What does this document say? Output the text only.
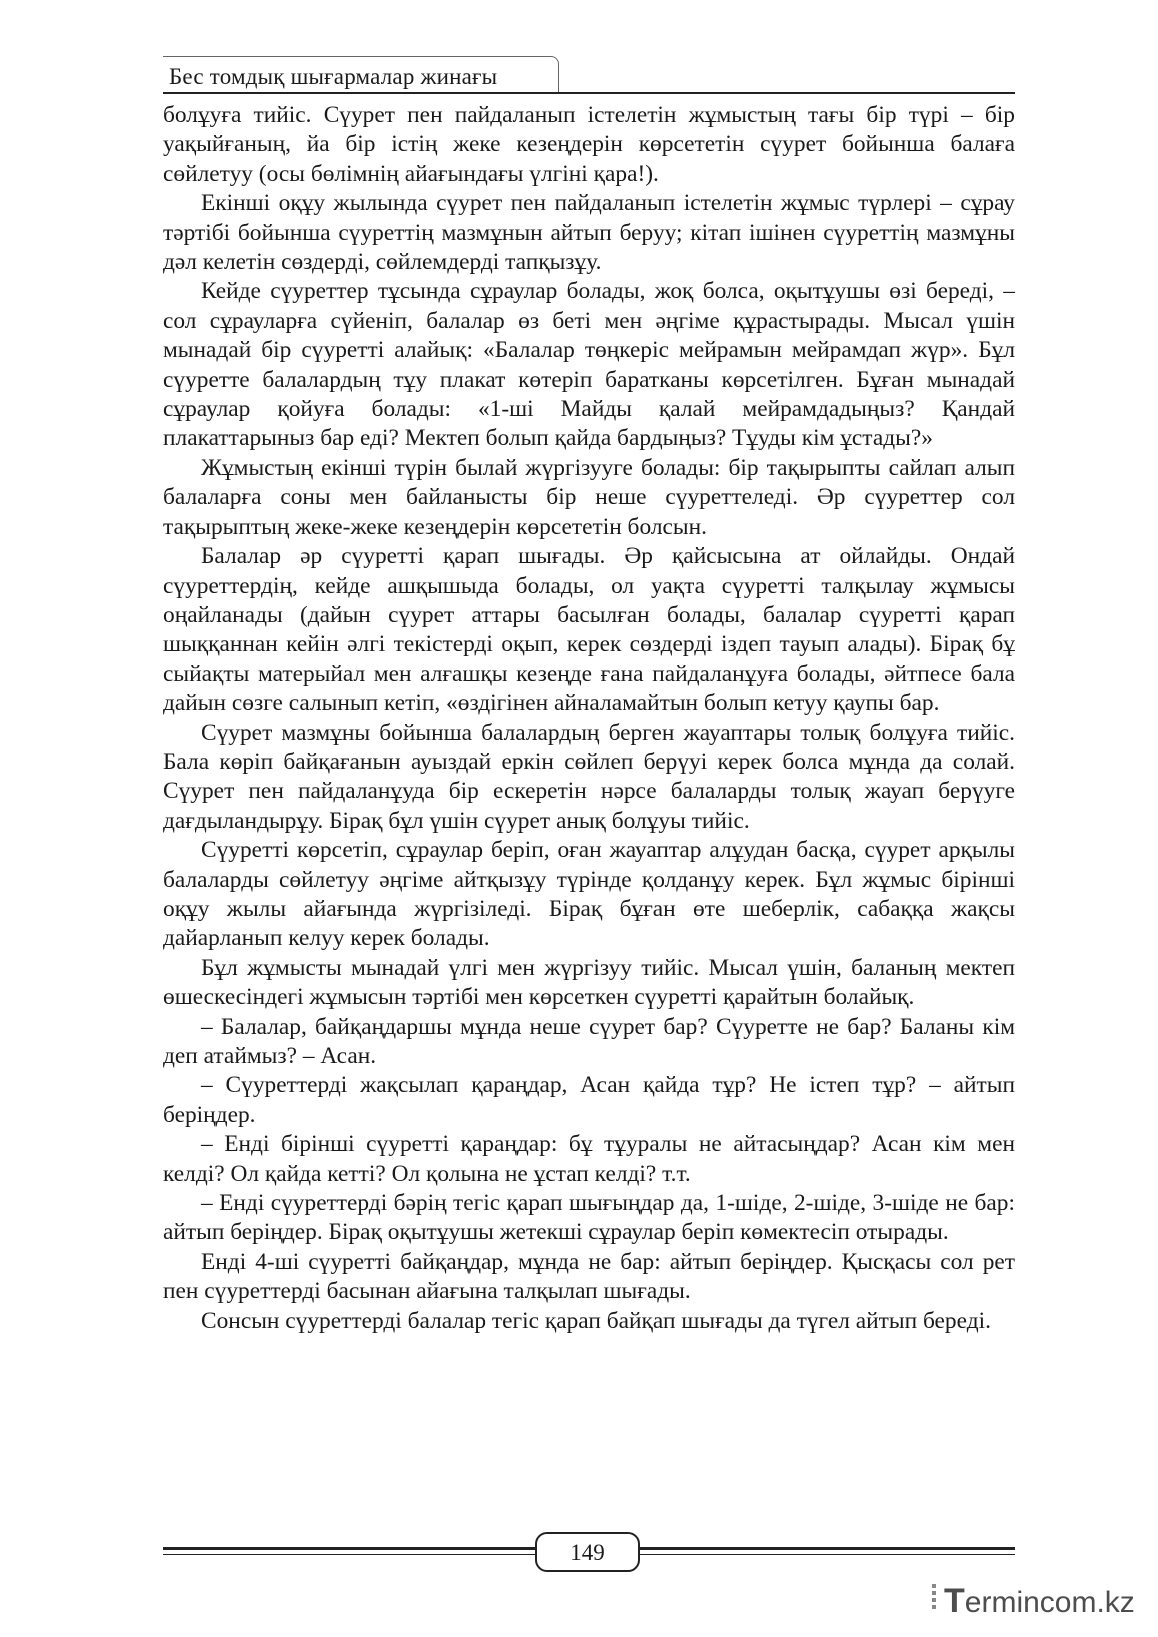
Бес томдық шығармалар жинағы

болұуға тийіс. Сүурет пен пайдаланып істелетін жұмыстың тағы бір түрі – бір уақыйғаның, йа бір істің жеке кезеңдерін көрсететін сүурет бойынша балаға сөйлетуу (осы бөлімнің айағындағы үлгіні қара!).

Екінші оқұу жылында сүурет пен пайдаланып істелетін жұмыс түрлері – сұрау тәртібі бойынша сүуреттің мазмұнын айтып беруу; кітап ішінен сүуреттің мазмұны дәл келетін сөздерді, сөйлемдерді тапқызұу.

Кейде сүуреттер тұсында сұраулар болады, жоқ болса, оқытұушы өзі береді, – сол сұрауларға сүйеніп, балалар өз беті мен әңгіме құрастырады. Мысал үшін мынадай бір сүуретті алайық: «Балалар төңкеріс мейрамын мейрамдап жүр». Бұл сүуретте балалардың тұу плакат көтеріп баратканы көрсетілген. Бұған мынадай сұраулар қойуға болады: «1-ші Майды қалай мейрамдадыңыз? Қандай плакаттарыныз бар еді? Мектеп болып қайда бардыңыз? Тұуды кім ұстады?»

Жұмыстың екінші түрін былай жүргізууге болады: бір тақырыпты сайлап алып балаларға соны мен байланысты бір неше сүуреттеледі. Әр сүуреттер сол тақырыптың жеке-жеке кезеңдерін көрсететін болсын.

Балалар әр сүуретті қарап шығады. Әр қайсысына ат ойлайды. Ондай сүуреттердің, кейде ашқышыда болады, ол уақта сүуретті талқылау жұмысы оңайланады (дайын сүурет аттары басылған болады, балалар сүуретті қарап шыққаннан кейін әлгі текістерді оқып, керек сөздерді іздеп тауып алады). Бірақ бұ сыйақты матерыйал мен алғашқы кезеңде ғана пайдаланұуға болады, әйтпесе бала дайын сөзге салынып кетіп, «өздігінен айналамайтын болып кетуу қаупы бар.

Сүурет мазмұны бойынша балалардың берген жауаптары толық болұуға тийіс. Бала көріп байқағанын ауыздай еркін сөйлеп берүуі керек болса мұнда да солай. Сүурет пен пайдаланұуда бір ескеретін нәрсе балаларды толық жауап берүуге дағдыландырұу. Бірақ бұл үшін сүурет анық болұуы тийіс.

Сүуретті көрсетіп, сұраулар беріп, оған жауаптар алұудан басқа, сүурет арқылы балаларды сөйлетуу әңгіме айтқызұу түрінде қолданұу керек. Бұл жұмыс бірінші оқұу жылы айағында жүргізіледі. Бірақ бұған өте шеберлік, сабаққа жақсы дайарланып келуу керек болады.

Бұл жұмысты мынадай үлгі мен жүргізуу тийіс. Мысал үшін, баланың мектеп өшескесіндегі жұмысын тәртібі мен көрсеткен сүуретті қарайтын болайық.

– Балалар, байқаңдаршы мұнда неше сүурет бар? Сүуретте не бар? Баланы кім деп атаймыз? – Асан.

– Сүуреттерді жақсылап қараңдар, Асан қайда тұр? Не істеп тұр? – айтып беріңдер.

– Енді бірінші сүуретті қараңдар: бұ тұуралы не айтасыңдар? Асан кім мен келді? Ол қайда кетті? Ол қолына не ұстап келді? т.т.

– Енді сүуреттерді бәрің тегіс қарап шығыңдар да, 1-шіде, 2-шіде, 3-шіде не бар: айтып беріңдер. Бірақ оқытұушы жетекші сұраулар беріп көмектесіп отырады.

Енді 4-ші сүуретті байқаңдар, мұнда не бар: айтып беріңдер. Қысқасы сол рет пен сүуреттерді басынан айағына талқылап шығады.

Сонсын сүуреттерді балалар тегіс қарап байқап шығады да түгел айтып береді.

149
Termincom.kz
